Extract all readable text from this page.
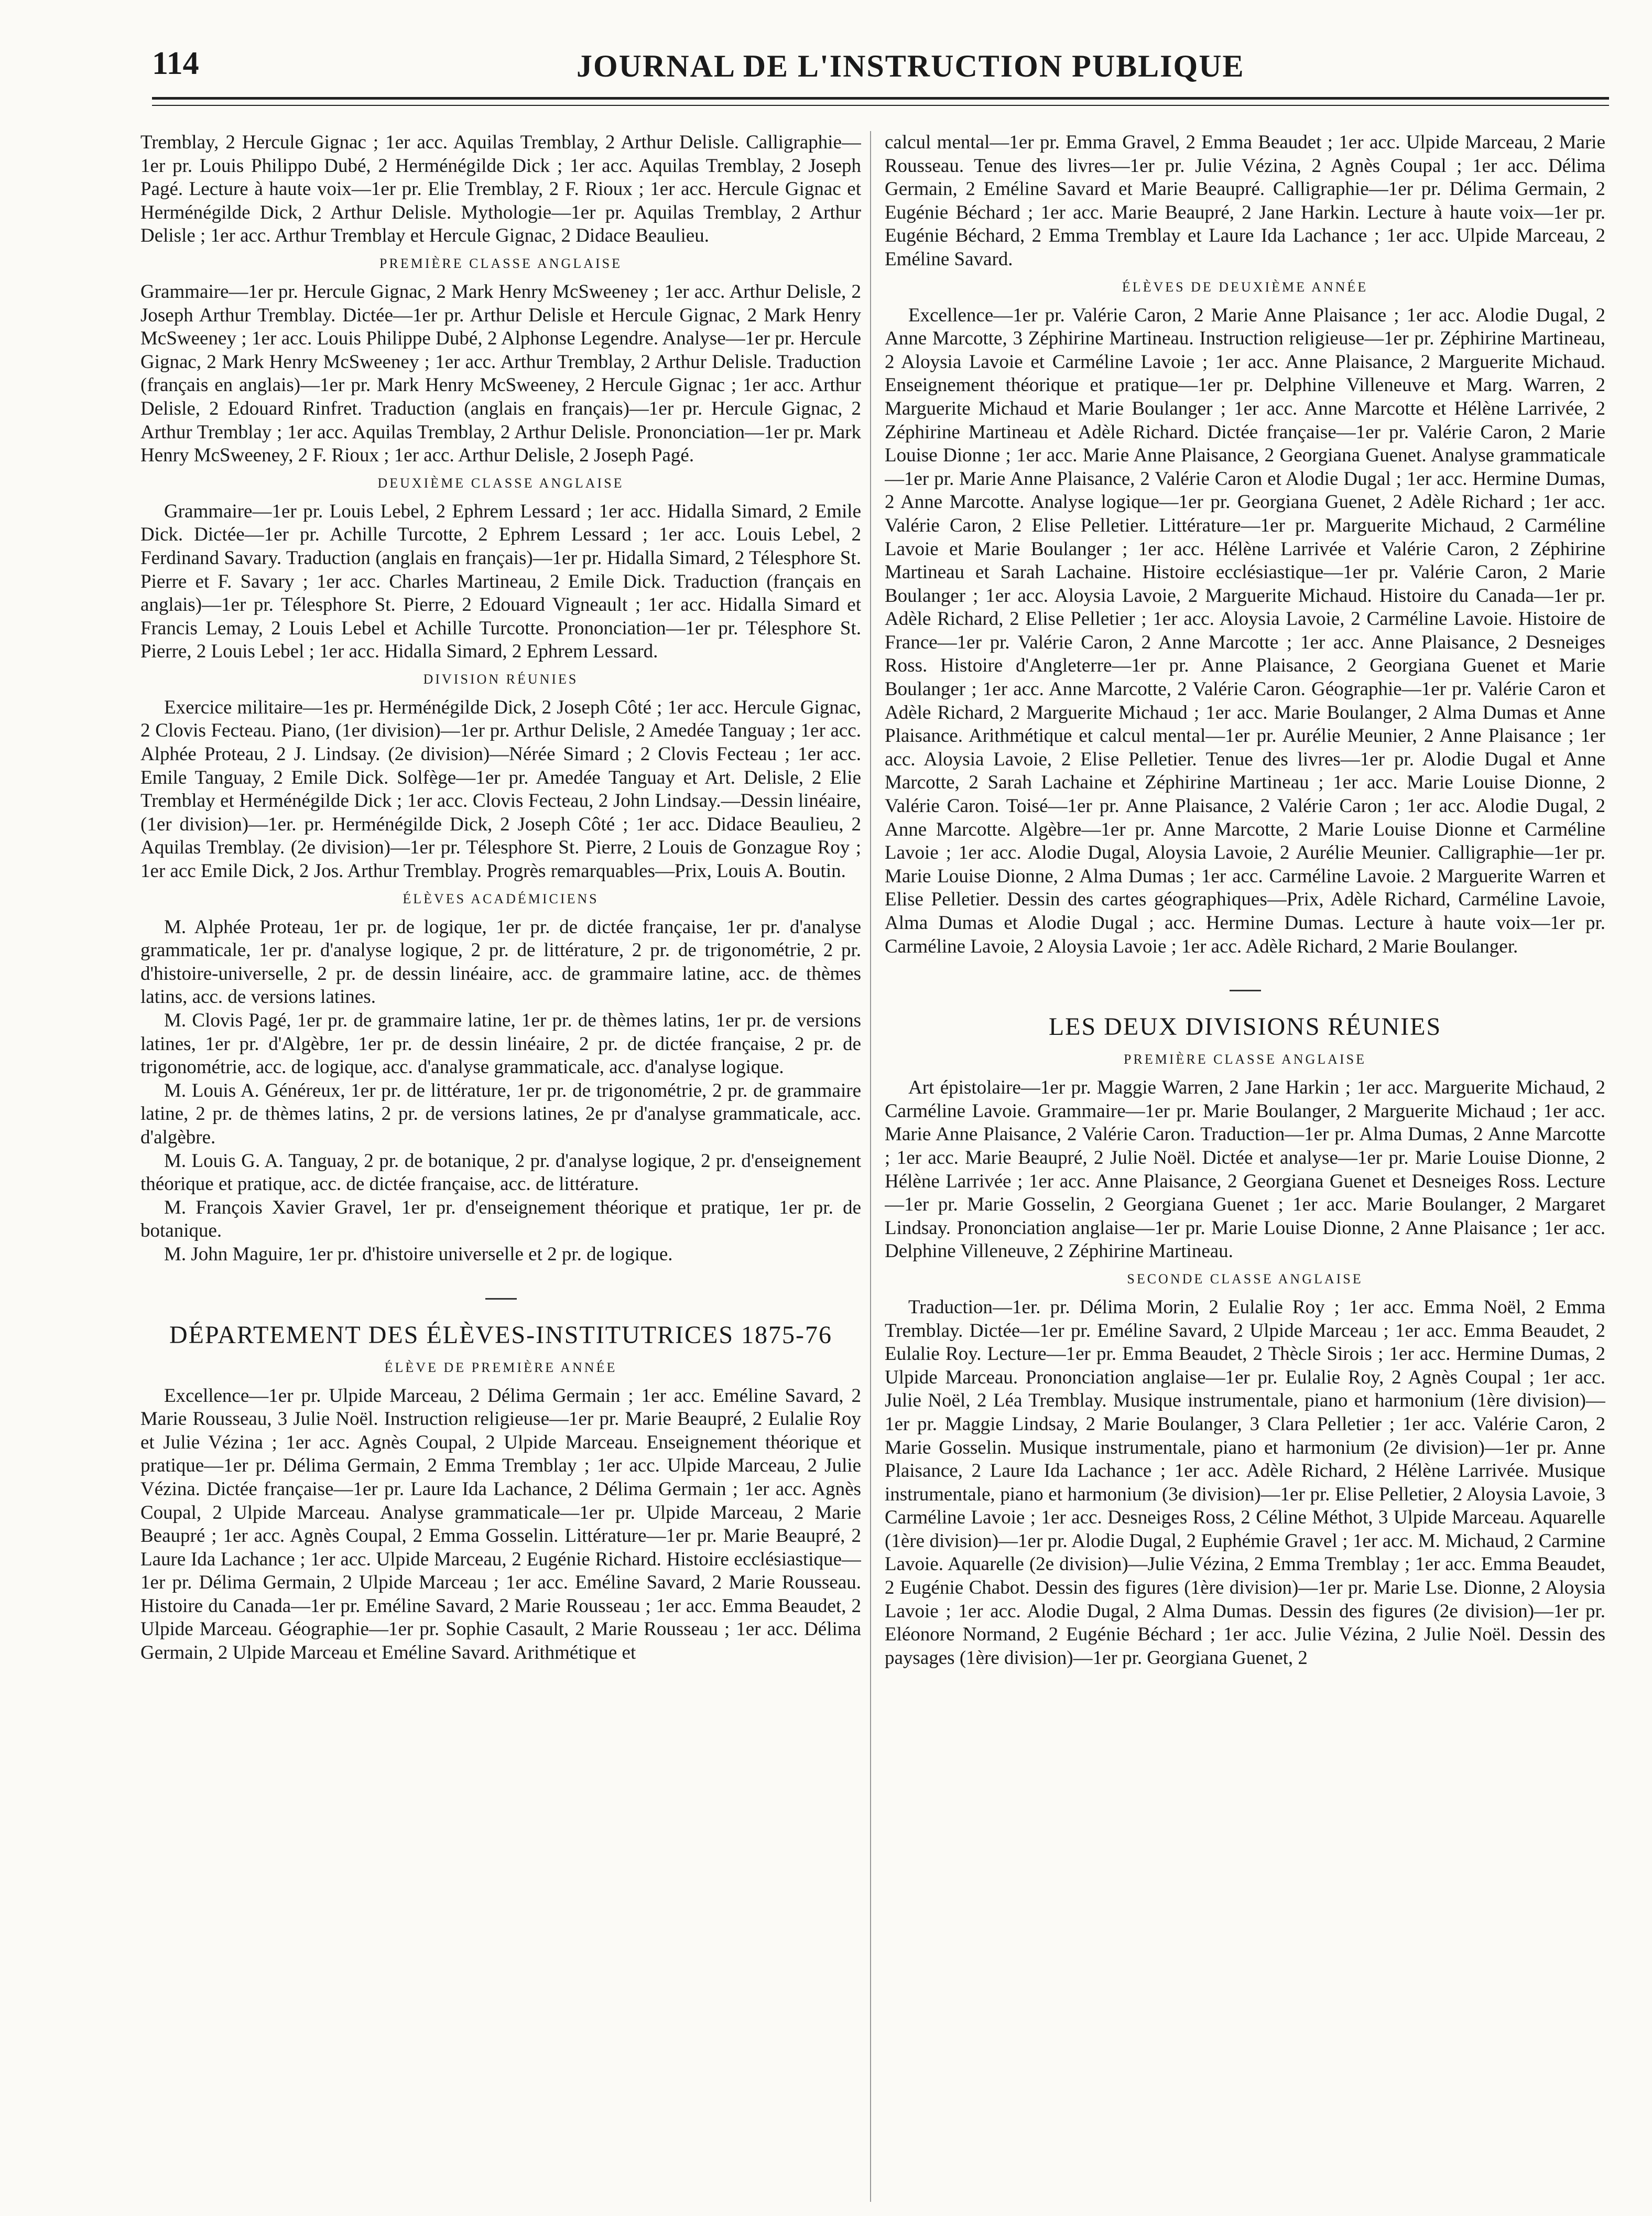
114	JOURNAL DE L'INSTRUCTION PUBLIQUE

Tremblay, 2 Hercule Gignac ; 1er acc. Aquilas Tremblay, 2 Arthur Delisle. Calligraphie—1er pr. Louis Philippo Dubé, 2 Herménégilde Dick ; 1er acc. Aquilas Tremblay, 2 Joseph Pagé. Lecture à haute voix—1er pr. Elie Tremblay, 2 F. Rioux ; 1er acc. Hercule Gignac et Herménégilde Dick, 2 Arthur Delisle. Mythologie—1er pr. Aquilas Tremblay, 2 Arthur Delisle ; 1er acc. Arthur Tremblay et Hercule Gignac, 2 Didace Beaulieu.

PREMIÈRE CLASSE ANGLAISE

Grammaire—1er pr. Hercule Gignac, 2 Mark Henry McSweeney ; 1er acc. Arthur Delisle, 2 Joseph Arthur Tremblay. Dictée—1er pr. Arthur Delisle et Hercule Gignac, 2 Mark Henry McSweeney ; 1er acc. Louis Philippe Dubé, 2 Alphonse Legendre. Analyse—1er pr. Hercule Gignac, 2 Mark Henry McSweeney ; 1er acc. Arthur Tremblay, 2 Arthur Delisle. Traduction (français en anglais)—1er pr. Mark Henry McSweeney, 2 Hercule Gignac ; 1er acc. Arthur Delisle, 2 Edouard Rinfret. Traduction (anglais en français)—1er pr. Hercule Gignac, 2 Arthur Tremblay ; 1er acc. Aquilas Tremblay, 2 Arthur Delisle. Prononciation—1er pr. Mark Henry McSweeney, 2 F. Rioux ; 1er acc. Arthur Delisle, 2 Joseph Pagé.

DEUXIÈME CLASSE ANGLAISE

Grammaire—1er pr. Louis Lebel, 2 Ephrem Lessard ; 1er acc. Hidalla Simard, 2 Emile Dick. Dictée—1er pr. Achille Turcotte, 2 Ephrem Lessard ; 1er acc. Louis Lebel, 2 Ferdinand Savary. Traduction (anglais en français)—1er pr. Hidalla Simard, 2 Télesphore St. Pierre et F. Savary ; 1er acc. Charles Martineau, 2 Emile Dick. Traduction (français en anglais)—1er pr. Télesphore St. Pierre, 2 Edouard Vigneault ; 1er acc. Hidalla Simard et Francis Lemay, 2 Louis Lebel et Achille Turcotte. Prononciation—1er pr. Télesphore St. Pierre, 2 Louis Lebel ; 1er acc. Hidalla Simard, 2 Ephrem Lessard.

DIVISION RÉUNIES

Exercice militaire—1es pr. Herménégilde Dick, 2 Joseph Côté ; 1er acc. Hercule Gignac, 2 Clovis Fecteau. Piano, (1er division)—1er pr. Arthur Delisle, 2 Amedée Tanguay ; 1er acc. Alphée Proteau, 2 J. Lindsay. (2e division)—Nérée Simard ; 2 Clovis Fecteau ; 1er acc. Emile Tanguay, 2 Emile Dick. Solfège—1er pr. Amedée Tanguay et Art. Delisle, 2 Elie Tremblay et Herménégilde Dick ; 1er acc. Clovis Fecteau, 2 John Lindsay.—Dessin linéaire, (1er division)—1er. pr. Herménégilde Dick, 2 Joseph Côté ; 1er acc. Didace Beaulieu, 2 Aquilas Tremblay. (2e division)—1er pr. Télesphore St. Pierre, 2 Louis de Gonzague Roy ; 1er acc Emile Dick, 2 Jos. Arthur Tremblay. Progrès remarquables—Prix, Louis A. Boutin.

ÉLÈVES ACADÉMICIENS

M. Alphée Proteau, 1er pr. de logique, 1er pr. de dictée française, 1er pr. d'analyse grammaticale, 1er pr. d'analyse logique, 2 pr. de littérature, 2 pr. de trigonométrie, 2 pr. d'histoire-universelle, 2 pr. de dessin linéaire, acc. de grammaire latine, acc. de thèmes latins, acc. de versions latines.

M. Clovis Pagé, 1er pr. de grammaire latine, 1er pr. de thèmes latins, 1er pr. de versions latines, 1er pr. d'Algèbre, 1er pr. de dessin linéaire, 2 pr. de dictée française, 2 pr. de trigonométrie, acc. de logique, acc. d'analyse grammaticale, acc. d'analyse logique.

M. Louis A. Généreux, 1er pr. de littérature, 1er pr. de trigonométrie, 2 pr. de grammaire latine, 2 pr. de thèmes latins, 2 pr. de versions latines, 2e pr d'analyse grammaticale, acc. d'algèbre.

M. Louis G. A. Tanguay, 2 pr. de botanique, 2 pr. d'analyse logique, 2 pr. d'enseignement théorique et pratique, acc. de dictée française, acc. de littérature.

M. François Xavier Gravel, 1er pr. d'enseignement théorique et pratique, 1er pr. de botanique.

M. John Maguire, 1er pr. d'histoire universelle et 2 pr. de logique.

DÉPARTEMENT DES ÉLÈVES-INSTITUTRICES 1875-76
ÉLÈVE DE PREMIÈRE ANNÉE

Excellence—1er pr. Ulpide Marceau, 2 Délima Germain ; 1er acc. Eméline Savard, 2 Marie Rousseau, 3 Julie Noël. Instruction religieuse—1er pr. Marie Beaupré, 2 Eulalie Roy et Julie Vézina ; 1er acc. Agnès Coupal, 2 Ulpide Marceau. Enseignement théorique et pratique—1er pr. Délima Germain, 2 Emma Tremblay ; 1er acc. Ulpide Marceau, 2 Julie Vézina. Dictée française—1er pr. Laure Ida Lachance, 2 Délima Germain ; 1er acc. Agnès Coupal, 2 Ulpide Marceau. Analyse grammaticale—1er pr. Ulpide Marceau, 2 Marie Beaupré ; 1er acc. Agnès Coupal, 2 Emma Gosselin. Littérature—1er pr. Marie Beaupré, 2 Laure Ida Lachance ; 1er acc. Ulpide Marceau, 2 Eugénie Richard. Histoire ecclésiastique—1er pr. Délima Germain, 2 Ulpide Marceau ; 1er acc. Eméline Savard, 2 Marie Rousseau. Histoire du Canada—1er pr. Eméline Savard, 2 Marie Rousseau ; 1er acc. Emma Beaudet, 2 Ulpide Marceau. Géographie—1er pr. Sophie Casault, 2 Marie Rousseau ; 1er acc. Délima Germain, 2 Ulpide Marceau et Eméline Savard. Arithmétique et

calcul mental—1er pr. Emma Gravel, 2 Emma Beaudet ; 1er acc. Ulpide Marceau, 2 Marie Rousseau. Tenue des livres—1er pr. Julie Vézina, 2 Agnès Coupal ; 1er acc. Délima Germain, 2 Eméline Savard et Marie Beaupré. Calligraphie—1er pr. Délima Germain, 2 Eugénie Béchard ; 1er acc. Marie Beaupré, 2 Jane Harkin. Lecture à haute voix—1er pr. Eugénie Béchard, 2 Emma Tremblay et Laure Ida Lachance ; 1er acc. Ulpide Marceau, 2 Eméline Savard.

ÉLÈVES DE DEUXIÈME ANNÉE

Excellence—1er pr. Valérie Caron, 2 Marie Anne Plaisance ; 1er acc. Alodie Dugal, 2 Anne Marcotte, 3 Zéphirine Martineau. Instruction religieuse—1er pr. Zéphirine Martineau, 2 Aloysia Lavoie et Carméline Lavoie ; 1er acc. Anne Plaisance, 2 Marguerite Michaud. Enseignement théorique et pratique—1er pr. Delphine Villeneuve et Marg. Warren, 2 Marguerite Michaud et Marie Boulanger ; 1er acc. Anne Marcotte et Hélène Larrivée, 2 Zéphirine Martineau et Adèle Richard. Dictée française—1er pr. Valérie Caron, 2 Marie Louise Dionne ; 1er acc. Marie Anne Plaisance, 2 Georgiana Guenet. Analyse grammaticale—1er pr. Marie Anne Plaisance, 2 Valérie Caron et Alodie Dugal ; 1er acc. Hermine Dumas, 2 Anne Marcotte. Analyse logique—1er pr. Georgiana Guenet, 2 Adèle Richard ; 1er acc. Valérie Caron, 2 Elise Pelletier. Littérature—1er pr. Marguerite Michaud, 2 Carméline Lavoie et Marie Boulanger ; 1er acc. Hélène Larrivée et Valérie Caron, 2 Zéphirine Martineau et Sarah Lachaine. Histoire ecclésiastique—1er pr. Valérie Caron, 2 Marie Boulanger ; 1er acc. Aloysia Lavoie, 2 Marguerite Michaud. Histoire du Canada—1er pr. Adèle Richard, 2 Elise Pelletier ; 1er acc. Aloysia Lavoie, 2 Carméline Lavoie. Histoire de France—1er pr. Valérie Caron, 2 Anne Marcotte ; 1er acc. Anne Plaisance, 2 Desneiges Ross. Histoire d'Angleterre—1er pr. Anne Plaisance, 2 Georgiana Guenet et Marie Boulanger ; 1er acc. Anne Marcotte, 2 Valérie Caron. Géographie—1er pr. Valérie Caron et Adèle Richard, 2 Marguerite Michaud ; 1er acc. Marie Boulanger, 2 Alma Dumas et Anne Plaisance. Arithmétique et calcul mental—1er pr. Aurélie Meunier, 2 Anne Plaisance ; 1er acc. Aloysia Lavoie, 2 Elise Pelletier. Tenue des livres—1er pr. Alodie Dugal et Anne Marcotte, 2 Sarah Lachaine et Zéphirine Martineau ; 1er acc. Marie Louise Dionne, 2 Valérie Caron. Toisé—1er pr. Anne Plaisance, 2 Valérie Caron ; 1er acc. Alodie Dugal, 2 Anne Marcotte. Algèbre—1er pr. Anne Marcotte, 2 Marie Louise Dionne et Carméline Lavoie ; 1er acc. Alodie Dugal, Aloysia Lavoie, 2 Aurélie Meunier. Calligraphie—1er pr. Marie Louise Dionne, 2 Alma Dumas ; 1er acc. Carméline Lavoie. 2 Marguerite Warren et Elise Pelletier. Dessin des cartes géographiques—Prix, Adèle Richard, Carméline Lavoie, Alma Dumas et Alodie Dugal ; acc. Hermine Dumas. Lecture à haute voix—1er pr. Carméline Lavoie, 2 Aloysia Lavoie ; 1er acc. Adèle Richard, 2 Marie Boulanger.

LES DEUX DIVISIONS RÉUNIES
PREMIÈRE CLASSE ANGLAISE

Art épistolaire—1er pr. Maggie Warren, 2 Jane Harkin ; 1er acc. Marguerite Michaud, 2 Carméline Lavoie. Grammaire—1er pr. Marie Boulanger, 2 Marguerite Michaud ; 1er acc. Marie Anne Plaisance, 2 Valérie Caron. Traduction—1er pr. Alma Dumas, 2 Anne Marcotte ; 1er acc. Marie Beaupré, 2 Julie Noël. Dictée et analyse—1er pr. Marie Louise Dionne, 2 Hélène Larrivée ; 1er acc. Anne Plaisance, 2 Georgiana Guenet et Desneiges Ross. Lecture—1er pr. Marie Gosselin, 2 Georgiana Guenet ; 1er acc. Marie Boulanger, 2 Margaret Lindsay. Prononciation anglaise—1er pr. Marie Louise Dionne, 2 Anne Plaisance ; 1er acc. Delphine Villeneuve, 2 Zéphirine Martineau.

SECONDE CLASSE ANGLAISE

Traduction—1er. pr. Délima Morin, 2 Eulalie Roy ; 1er acc. Emma Noël, 2 Emma Tremblay. Dictée—1er pr. Eméline Savard, 2 Ulpide Marceau ; 1er acc. Emma Beaudet, 2 Eulalie Roy. Lecture—1er pr. Emma Beaudet, 2 Thècle Sirois ; 1er acc. Hermine Dumas, 2 Ulpide Marceau. Prononciation anglaise—1er pr. Eulalie Roy, 2 Agnès Coupal ; 1er acc. Julie Noël, 2 Léa Tremblay. Musique instrumentale, piano et harmonium (1ère division)—1er pr. Maggie Lindsay, 2 Marie Boulanger, 3 Clara Pelletier ; 1er acc. Valérie Caron, 2 Marie Gosselin. Musique instrumentale, piano et harmonium (2e division)—1er pr. Anne Plaisance, 2 Laure Ida Lachance ; 1er acc. Adèle Richard, 2 Hélène Larrivée. Musique instrumentale, piano et harmonium (3e division)—1er pr. Elise Pelletier, 2 Aloysia Lavoie, 3 Carméline Lavoie ; 1er acc. Desneiges Ross, 2 Céline Méthot, 3 Ulpide Marceau. Aquarelle (1ère division)—1er pr. Alodie Dugal, 2 Euphémie Gravel ; 1er acc. M. Michaud, 2 Carmine Lavoie. Aquarelle (2e division)—Julie Vézina, 2 Emma Tremblay ; 1er acc. Emma Beaudet, 2 Eugénie Chabot. Dessin des figures (1ère division)—1er pr. Marie Lse. Dionne, 2 Aloysia Lavoie ; 1er acc. Alodie Dugal, 2 Alma Dumas. Dessin des figures (2e division)—1er pr. Eléonore Normand, 2 Eugénie Béchard ; 1er acc. Julie Vézina, 2 Julie Noël. Dessin des paysages (1ère division)—1er pr. Georgiana Guenet, 2
